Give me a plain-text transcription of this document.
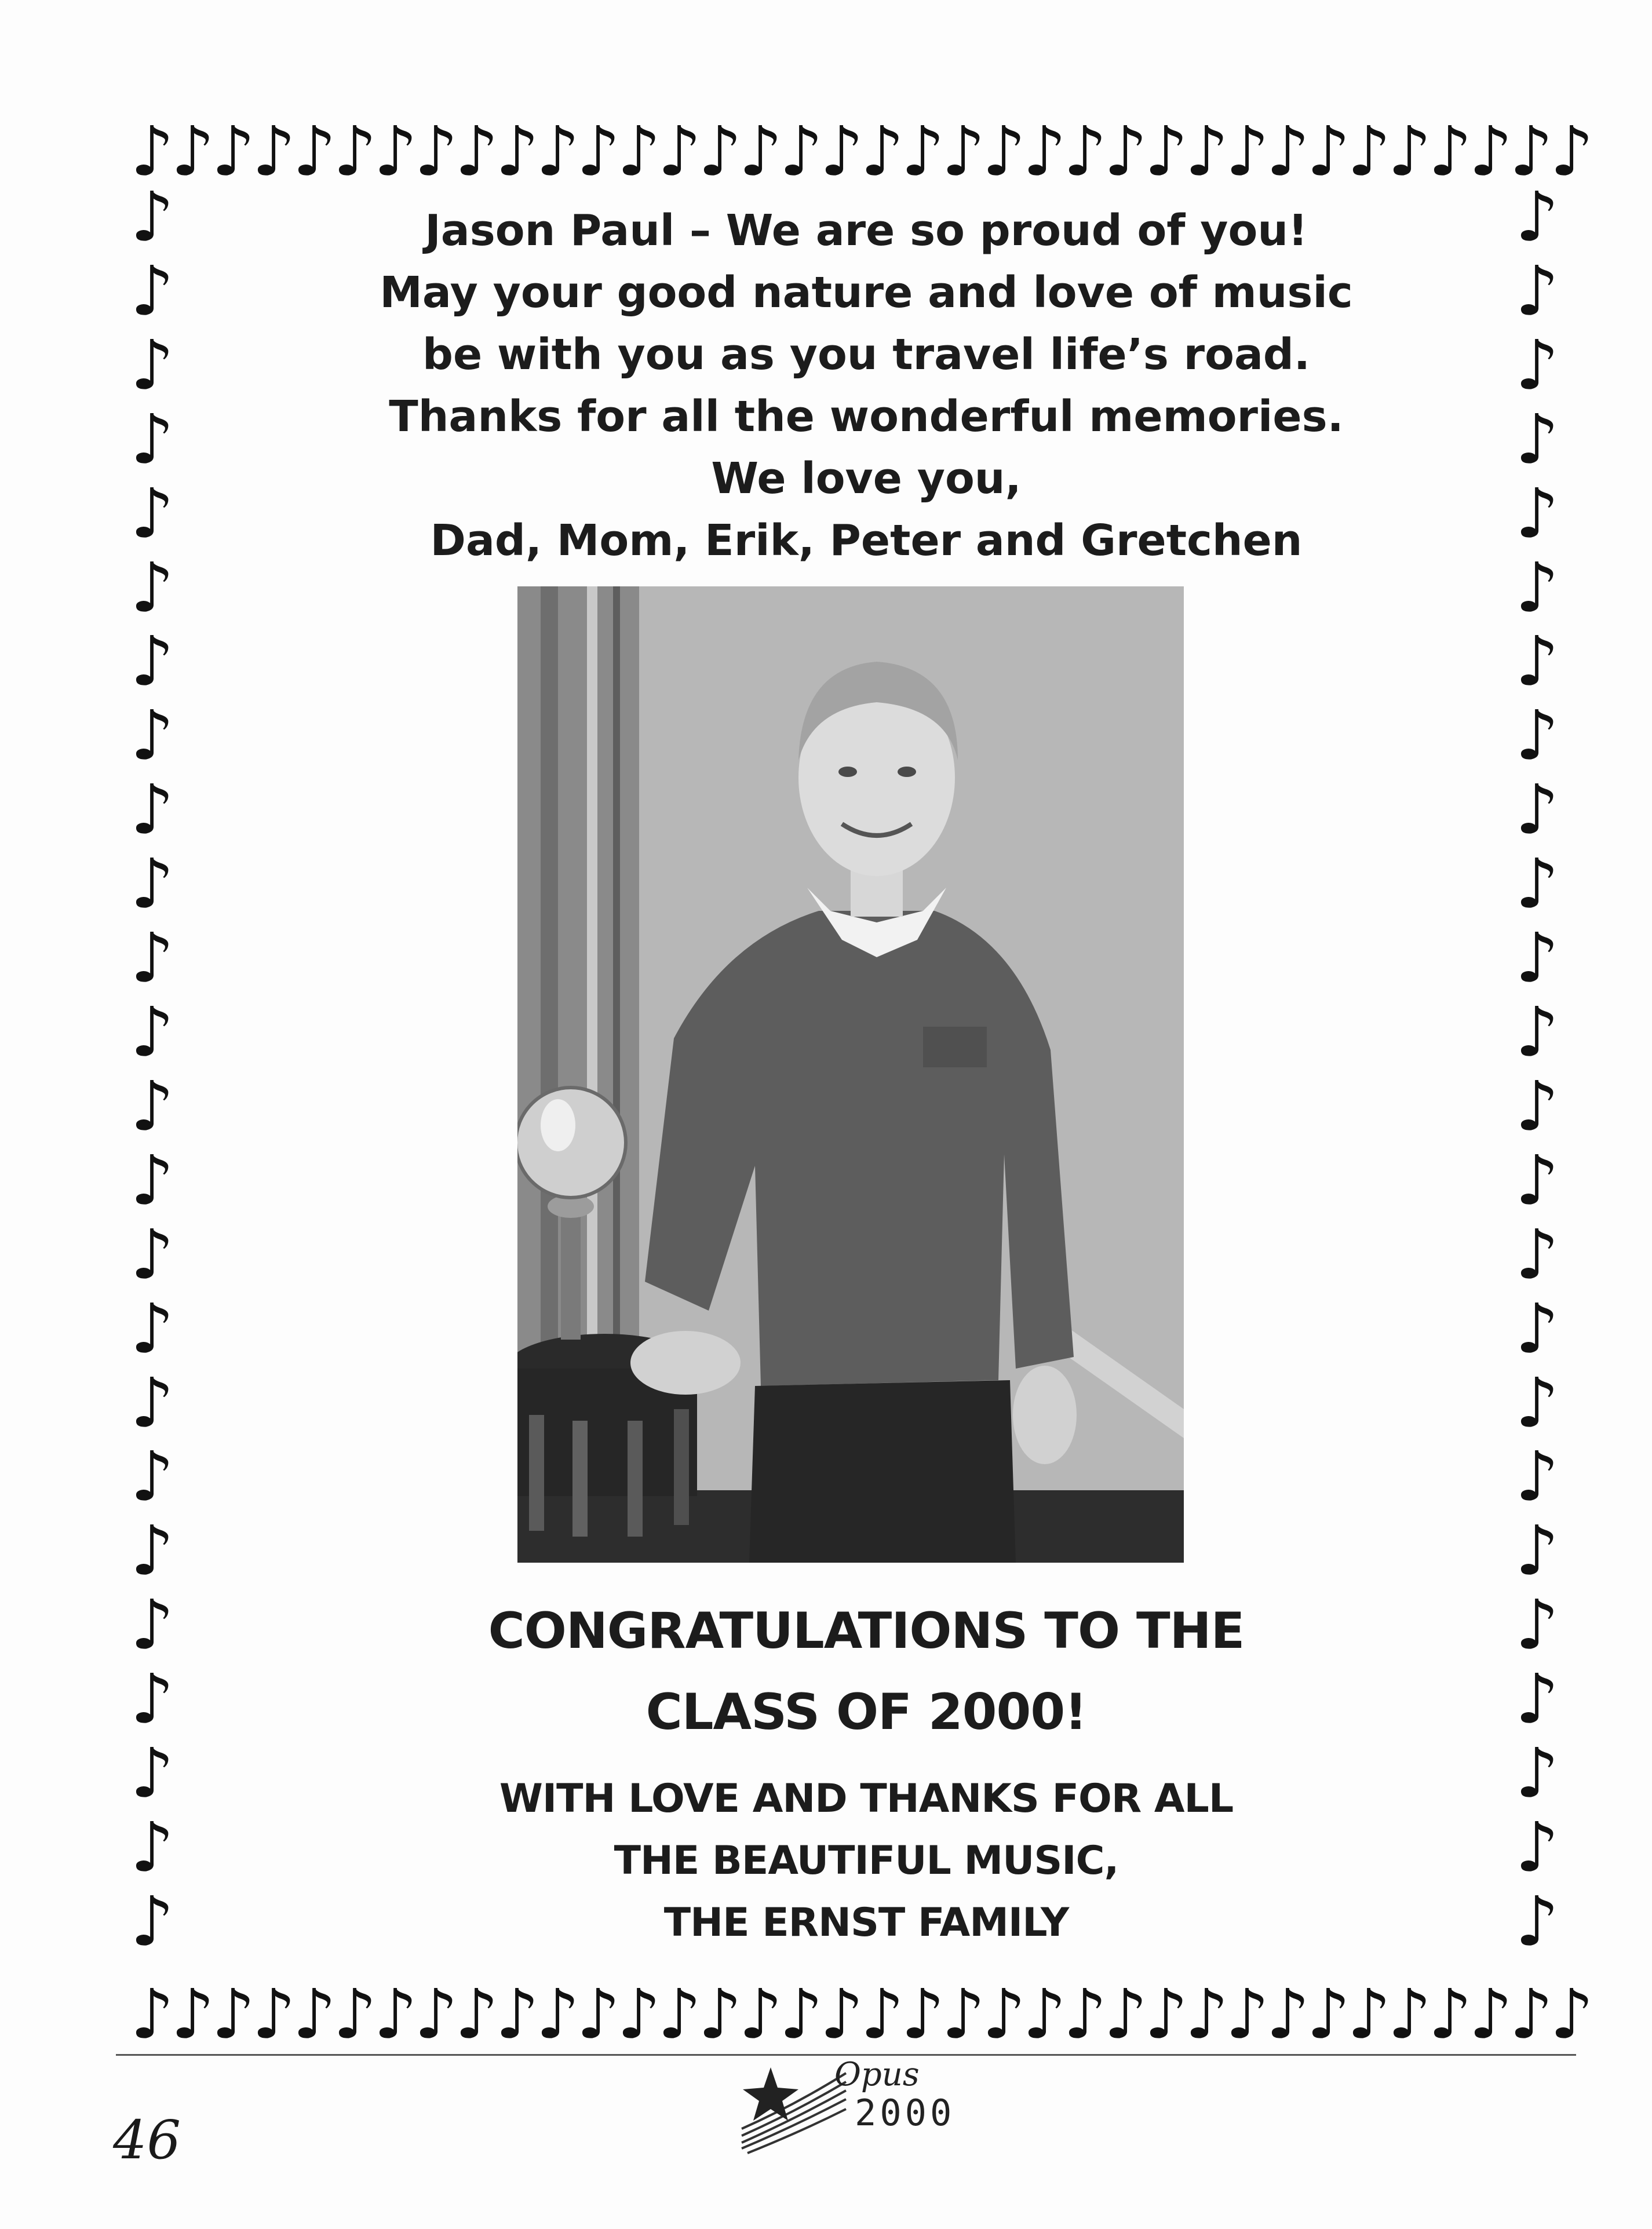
♪
♪
♪
♪
♪
♪
♪
♪
♪
♪
♪
♪
♪
♪
♪
♪
♪
♪
♪
♪
♪
♪
♪
♪
♪
♪
♪
♪
♪
♪
♪
♪
♪
♪
♪
♪
♪
♪
♪
♪
♪
♪
♪
♪
♪
♪
♪
♪
♪
♪
♪
♪
♪
♪
♪
♪
♪
♪
♪
♪
♪
♪
♪
♪
♪
♪
♪
♪
♪
♪
♪
♪
♪
♪
♪
♪
♪
♪
♪
♪
♪
♪
♪
♪
♪
♪
♪
♪
♪
♪
♪
♪
♪
♪
♪
♪
♪
♪
♪
♪
♪
♪
♪
♪
♪
♪
♪
♪
♪
♪
♪
♪
♪
♪
♪
♪
♪
♪
♪
♪
Jason Paul – We are so proud of you!
May your good nature and love of music
be with you as you travel life’s road.
Thanks for all the wonderful memories.
We love you,
Dad, Mom, Erik, Peter and Gretchen
CONGRATULATIONS TO THE
CLASS OF 2000!
WITH LOVE AND THANKS FOR ALL
THE BEAUTIFUL MUSIC,
THE ERNST FAMILY
46
Opus
2000
